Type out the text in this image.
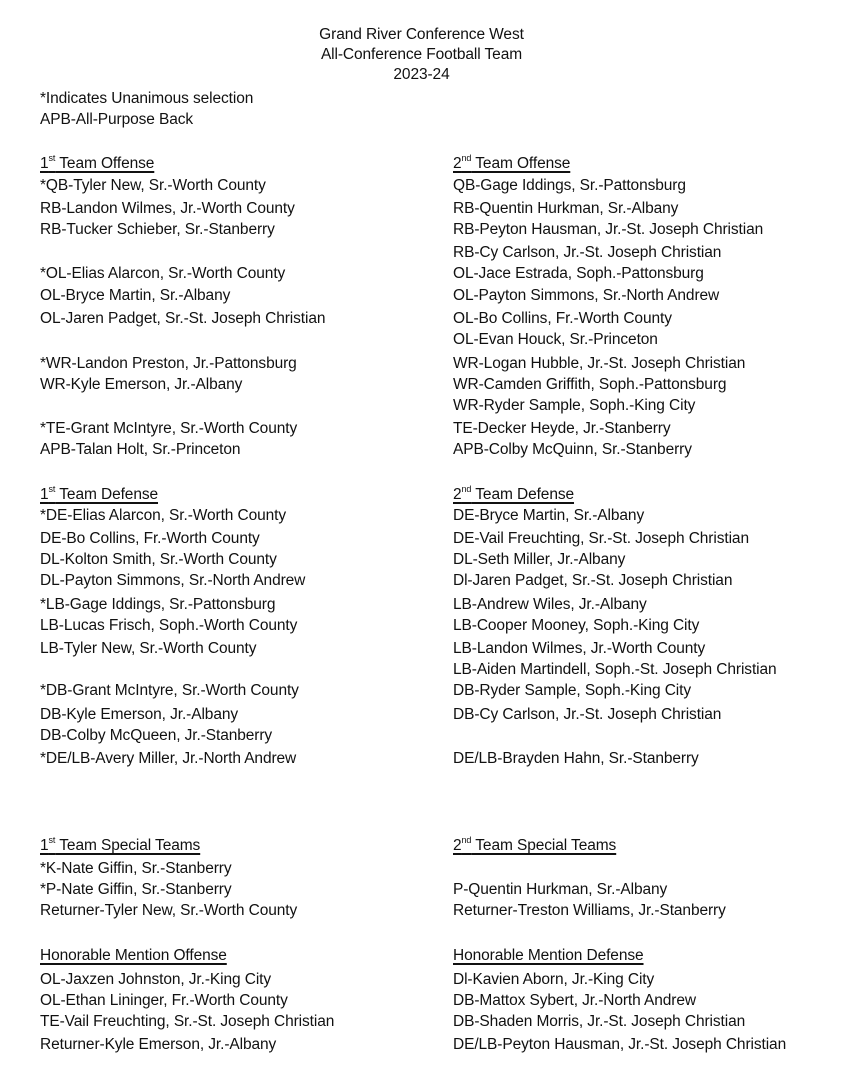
Grand River Conference West
All-Conference Football Team
2023-24
*Indicates Unanimous selection
APB-All-Purpose Back
1st Team Offense
*QB-Tyler New, Sr.-Worth County
RB-Landon Wilmes, Jr.-Worth County
RB-Tucker Schieber, Sr.-Stanberry
*OL-Elias Alarcon, Sr.-Worth County
OL-Bryce Martin, Sr.-Albany
OL-Jaren Padget, Sr.-St. Joseph Christian
*WR-Landon Preston, Jr.-Pattonsburg
WR-Kyle Emerson, Jr.-Albany
*TE-Grant McIntyre, Sr.-Worth County
APB-Talan Holt, Sr.-Princeton
2nd Team Offense
QB-Gage Iddings, Sr.-Pattonsburg
RB-Quentin Hurkman, Sr.-Albany
RB-Peyton Hausman, Jr.-St. Joseph Christian
RB-Cy Carlson, Jr.-St. Joseph Christian
OL-Jace Estrada, Soph.-Pattonsburg
OL-Payton Simmons, Sr.-North Andrew
OL-Bo Collins, Fr.-Worth County
OL-Evan Houck, Sr.-Princeton
WR-Logan Hubble, Jr.-St. Joseph Christian
WR-Camden Griffith, Soph.-Pattonsburg
WR-Ryder Sample, Soph.-King City
TE-Decker Heyde, Jr.-Stanberry
APB-Colby McQuinn, Sr.-Stanberry
1st Team Defense
*DE-Elias Alarcon, Sr.-Worth County
DE-Bo Collins, Fr.-Worth County
DL-Kolton Smith, Sr.-Worth County
DL-Payton Simmons, Sr.-North Andrew
*LB-Gage Iddings, Sr.-Pattonsburg
LB-Lucas Frisch, Soph.-Worth County
LB-Tyler New, Sr.-Worth County
*DB-Grant McIntyre, Sr.-Worth County
DB-Kyle Emerson, Jr.-Albany
DB-Colby McQueen, Jr.-Stanberry
*DE/LB-Avery Miller, Jr.-North Andrew
2nd Team Defense
DE-Bryce Martin, Sr.-Albany
DE-Vail Freuchting, Sr.-St. Joseph Christian
DL-Seth Miller, Jr.-Albany
Dl-Jaren Padget, Sr.-St. Joseph Christian
LB-Andrew Wiles, Jr.-Albany
LB-Cooper Mooney, Soph.-King City
LB-Landon Wilmes, Jr.-Worth County
LB-Aiden Martindell, Soph.-St. Joseph Christian
DB-Ryder Sample, Soph.-King City
DB-Cy Carlson, Jr.-St. Joseph Christian
DE/LB-Brayden Hahn, Sr.-Stanberry
1st Team Special Teams
*K-Nate Giffin, Sr.-Stanberry
*P-Nate Giffin, Sr.-Stanberry
Returner-Tyler New, Sr.-Worth County
2nd Team Special Teams
P-Quentin Hurkman, Sr.-Albany
Returner-Treston Williams, Jr.-Stanberry
Honorable Mention Offense
OL-Jaxzen Johnston, Jr.-King City
OL-Ethan Lininger, Fr.-Worth County
TE-Vail Freuchting, Sr.-St. Joseph Christian
Returner-Kyle Emerson, Jr.-Albany
Honorable Mention Defense
Dl-Kavien Aborn, Jr.-King City
DB-Mattox Sybert, Jr.-North Andrew
DB-Shaden Morris, Jr.-St. Joseph Christian
DE/LB-Peyton Hausman, Jr.-St. Joseph Christian
